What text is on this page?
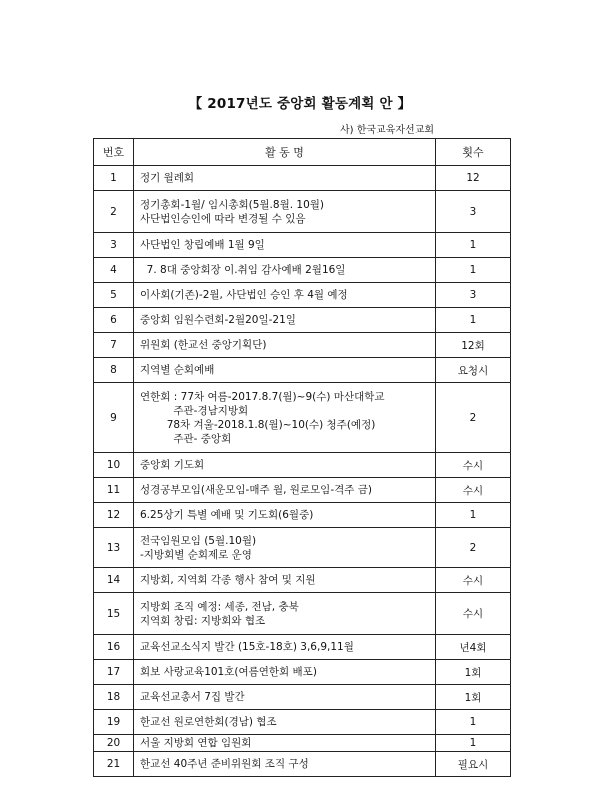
【 2017년도 중앙회 활동계획 안 】
사) 한국교육자선교회
번호	활 동 명	횟수
1	정기 월례회	12
2	정기총회-1월/ 임시총회(5월.8월. 10월)
사단법인승인에 따라 변경될 수 있음	3
3	사단법인 창립예배 1월 9일	1
4	7. 8대 중앙회장 이.취임 감사예배 2월16일	1
5	이사회(기존)-2월, 사단법인 승인 후 4월 예정	3
6	중앙회 임원수련회-2월20일-21일	1
7	위원회 (한교선 중앙기획단)	12회
8	지역별 순회예배	요청시
9	연한회 : 77차 여름-2017.8.7(월)~9(수) 마산대학교
주관-경남지방회
78차 겨울-2018.1.8(월)~10(수) 청주(예정)
주관- 중앙회	2
10	중앙회 기도회	수시
11	성경공부모임(새운모임-매주 월, 원로모임-격주 금)	수시
12	6.25상기 특별 예배 및 기도회(6월중)	1
13	전국임원모임 (5월.10월)
-지방회별 순회제로 운영	2
14	지방회, 지역회 각종 행사 참여 및 지원	수시
15	지방회 조직 예정: 세종, 전남, 충북
지역회 창립: 지방회와 협조	수시
16	교육선교소식지 발간 (15호-18호) 3,6,9,11월	년4회
17	회보 사랑교육101호(여름연한회 배포)	1회
18	교육선교총서 7집 발간	1회
19	한교선 원로연한회(경남) 협조	1
20	서울 지방회 연합 임원회	1
21	한교선 40주년 준비위원회 조직 구성	필요시
